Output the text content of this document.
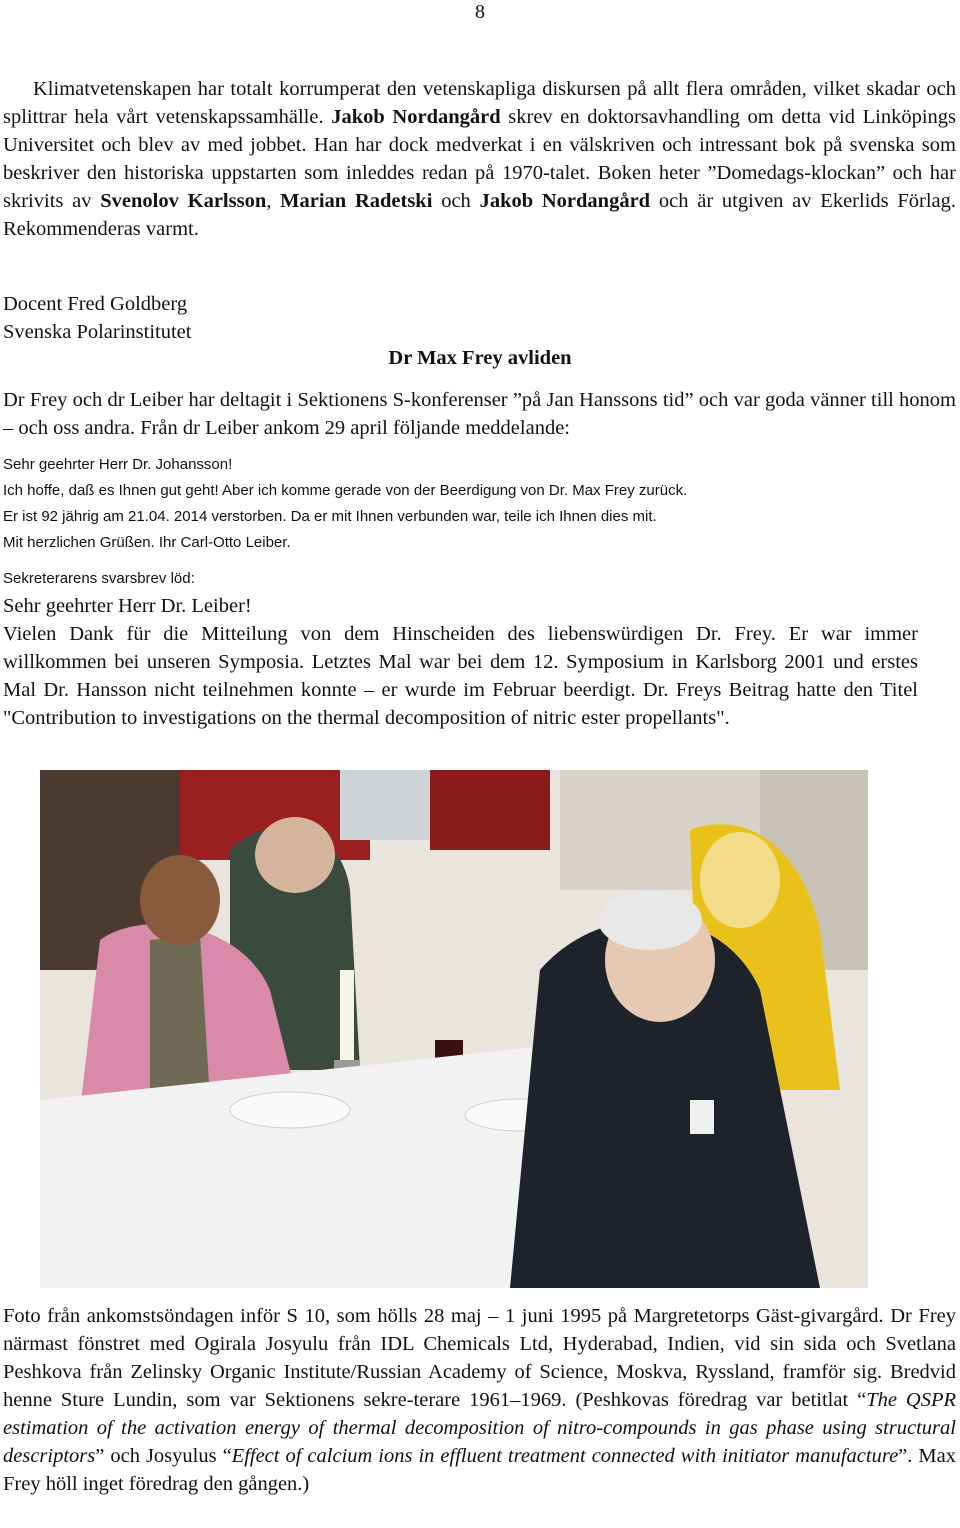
8

Klimatvetenskapen har totalt korrumperat den vetenskapliga diskursen på allt flera områden, vilket skadar och splittrar hela vårt vetenskapssamhälle. Jakob Nordangård skrev en doktorsavhandling om detta vid Linköpings Universitet och blev av med jobbet. Han har dock medverkat i en välskriven och intressant bok på svenska som beskriver den historiska uppstarten som inleddes redan på 1970-talet. Boken heter ”Domedags-klockan” och har skrivits av Svenolov Karlsson, Marian Radetski och Jakob Nordangård och är utgiven av Ekerlids Förlag. Rekommenderas varmt.

Docent Fred Goldberg
Svenska Polarinstitutet
Dr Max Frey avliden

Dr Frey och dr Leiber har deltagit i Sektionens S-konferenser ”på Jan Hanssons tid” och var goda vänner till honom – och oss andra. Från dr Leiber ankom 29 april följande meddelande:

Sehr geehrter Herr Dr. Johansson!
Ich hoffe, daß es Ihnen gut geht! Aber ich komme gerade von der Beerdigung von Dr. Max Frey zurück.
Er ist 92 jährig am 21.04. 2014 verstorben. Da er mit Ihnen verbunden war, teile ich Ihnen dies mit.
Mit herzlichen Grüßen. Ihr Carl-Otto Leiber.
Sekreterarens svarsbrev löd:
Sehr geehrter Herr Dr. Leiber!
Vielen Dank für die Mitteilung von dem Hinscheiden des liebenswürdigen Dr. Frey. Er war immer willkommen bei unseren Symposia. Letztes Mal war bei dem 12. Symposium in Karlsborg 2001 und erstes Mal Dr. Hansson nicht teilnehmen konnte – er wurde im Februar beerdigt. Dr. Freys Beitrag hatte den Titel "Contribution to investigations on the thermal decomposition of nitric ester propellants".

Foto från ankomstsöndagen inför S 10, som hölls 28 maj – 1 juni 1995 på Margretetorps Gäst-givargård. Dr Frey närmast fönstret med Ogirala Josyulu från IDL Chemicals Ltd, Hyderabad, Indien, vid sin sida och Svetlana Peshkova från Zelinsky Organic Institute/Russian Academy of Science, Moskva, Ryssland, framför sig. Bredvid henne Sture Lundin, som var Sektionens sekre-terare 1961–1969. (Peshkovas föredrag var betitlat “The QSPR estimation of the activation energy of thermal decomposition of nitro-compounds in gas phase using structural descriptors” och Josyulus “Effect of calcium ions in effluent treatment connected with initiator manufacture”. Max Frey höll inget föredrag den gången.)
